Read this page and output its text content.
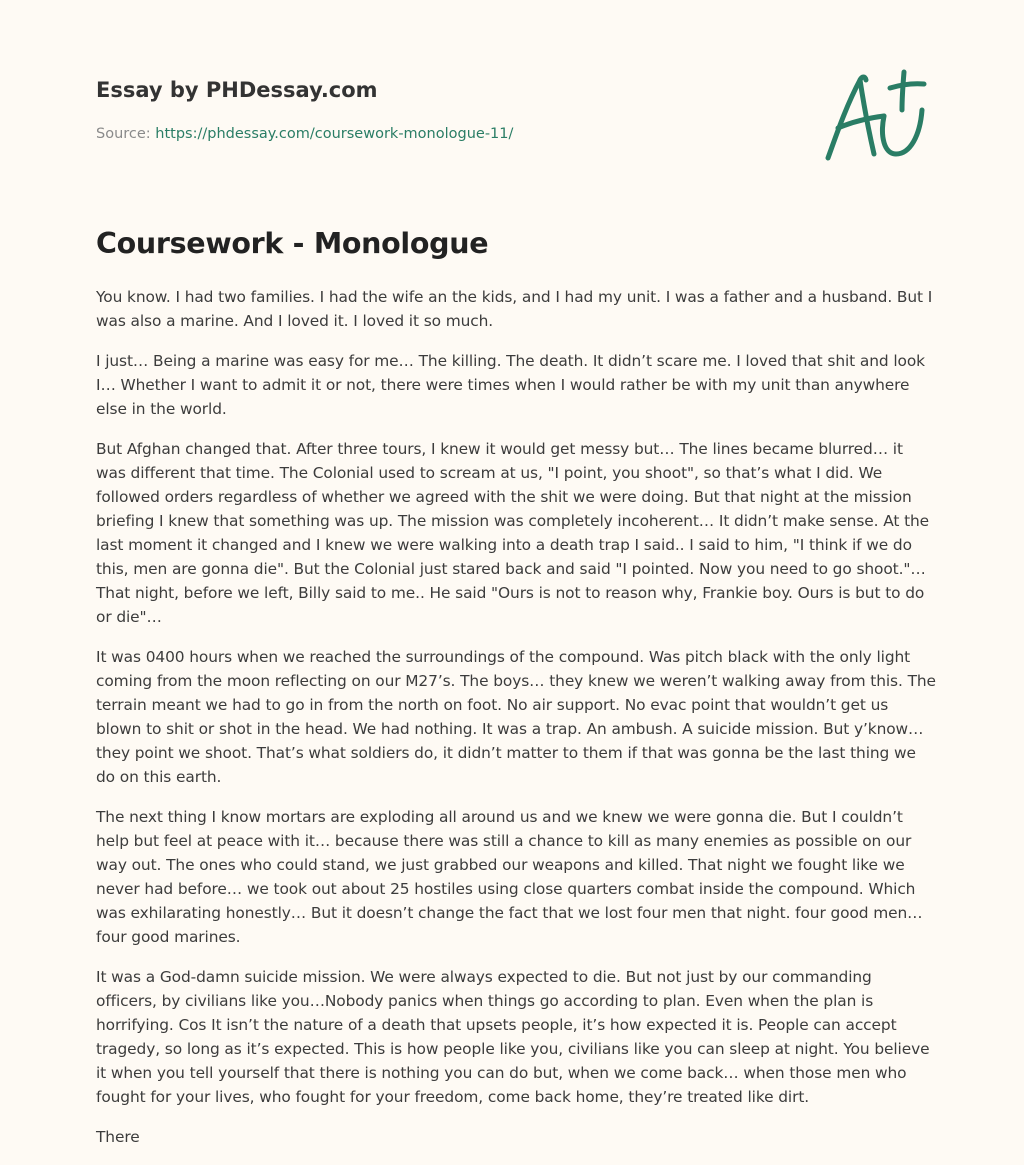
Essay by PHDessay.com
Source: https://phdessay.com/coursework-monologue-11/
Coursework - Monologue

You know. I had two families. I had the wife an the kids, and I had my unit. I was a father and a husband. But I was also a marine. And I loved it. I loved it so much.

I just… Being a marine was easy for me… The killing. The death. It didn’t scare me. I loved that shit and look I… Whether I want to admit it or not, there were times when I would rather be with my unit than anywhere else in the world.

But Afghan changed that. After three tours, I knew it would get messy but… The lines became blurred… it was different that time. The Colonial used to scream at us, "I point, you shoot", so that’s what I did. We followed orders regardless of whether we agreed with the shit we were doing. But that night at the mission briefing I knew that something was up. The mission was completely incoherent… It didn’t make sense. At the last moment it changed and I knew we were walking into a death trap I said.. I said to him, "I think if we do this, men are gonna die". But the Colonial just stared back and said "I pointed. Now you need to go shoot."… That night, before we left, Billy said to me.. He said "Ours is not to reason why, Frankie boy. Ours is but to do or die"…

It was 0400 hours when we reached the surroundings of the compound. Was pitch black with the only light coming from the moon reflecting on our M27’s. The boys… they knew we weren’t walking away from this. The terrain meant we had to go in from the north on foot. No air support. No evac point that wouldn’t get us blown to shit or shot in the head. We had nothing. It was a trap. An ambush. A suicide mission. But y’know… they point we shoot. That’s what soldiers do, it didn’t matter to them if that was gonna be the last thing we do on this earth.

The next thing I know mortars are exploding all around us and we knew we were gonna die. But I couldn’t help but feel at peace with it… because there was still a chance to kill as many enemies as possible on our way out. The ones who could stand, we just grabbed our weapons and killed. That night we fought like we never had before… we took out about 25 hostiles using close quarters combat inside the compound. Which was exhilarating honestly… But it doesn’t change the fact that we lost four men that night. four good men… four good marines.

It was a God-damn suicide mission. We were always expected to die. But not just by our commanding officers, by civilians like you…Nobody panics when things go according to plan. Even when the plan is horrifying. Cos It isn’t the nature of a death that upsets people, it’s how expected it is. People can accept tragedy, so long as it’s expected. This is how people like you, civilians like you can sleep at night. You believe it when you tell yourself that there is nothing you can do but, when we come back… when those men who fought for your lives, who fought for your freedom, come back home, they’re treated like dirt.

There
